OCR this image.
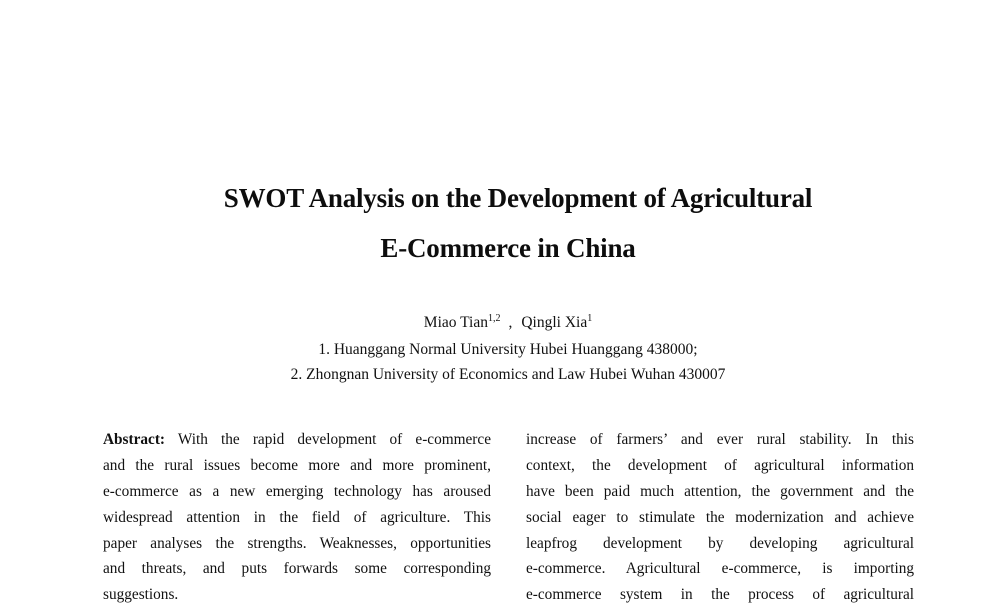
SWOT Analysis on the Development of Agricultural
E-Commerce in China
Miao Tian$^{1,2}$ , Qingli Xia$^1$
1. Huanggang Normal University Hubei Huanggang 438000;
2. Zhongnan University of Economics and Law Hubei Wuhan 430007
Abstract: With the rapid development of e-commerce
and the rural issues become more and more prominent,
e-commerce as a new emerging technology has aroused
widespread attention in the field of agriculture. This
paper analyses the strengths. Weaknesses, opportunities
and threats, and puts forwards some corresponding
suggestions.
increase of farmers’ and ever rural stability. In this
context, the development of agricultural information
have been paid much attention, the government and the
social eager to stimulate the modernization and achieve
leapfrog development by developing agricultural
e-commerce. Agricultural e-commerce, is importing
e-commerce system in the process of agricultural
